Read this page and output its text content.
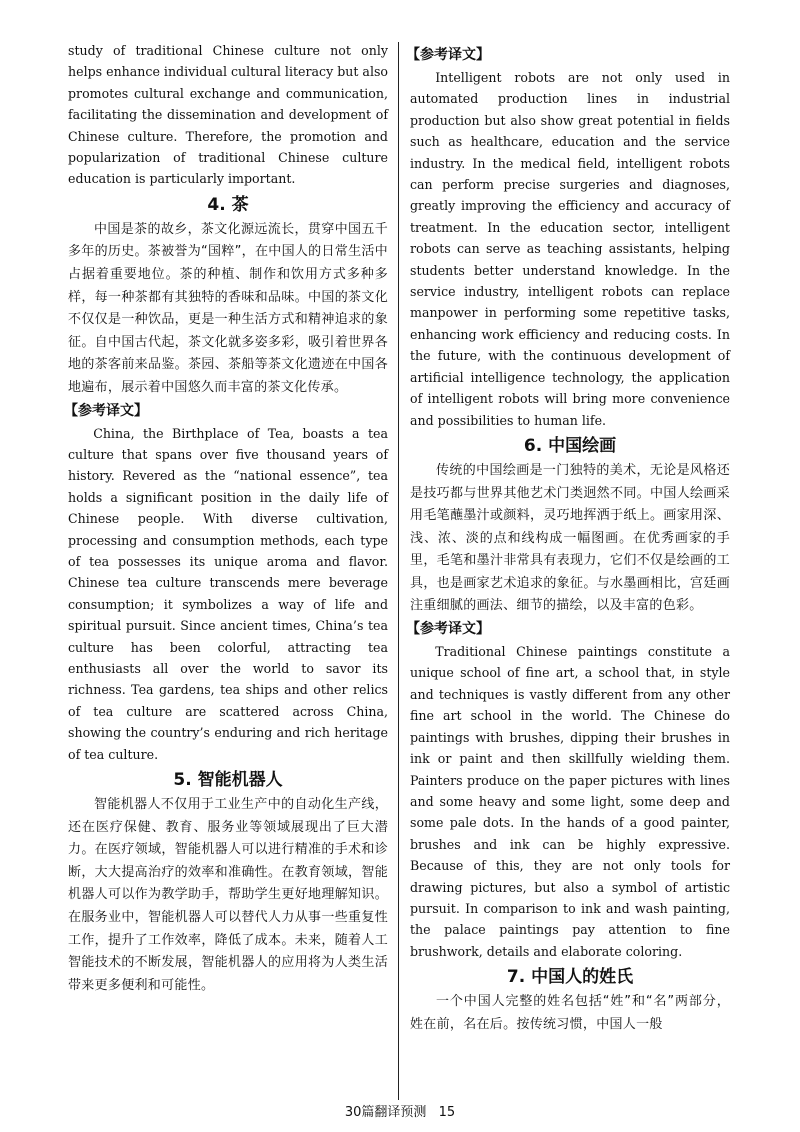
study of traditional Chinese culture not only helps enhance individual cultural literacy but also promotes cultural exchange and communication, facilitating the dissemination and development of Chinese culture. Therefore, the promotion and popularization of traditional Chinese culture education is particularly important.

4. 茶

中国是茶的故乡，茶文化源远流长，贯穿中国五千多年的历史。茶被誉为“国粹”，在中国人的日常生活中占据着重要地位。茶的种植、制作和饮用方式多种多样，每一种茶都有其独特的香味和品味。中国的茶文化不仅仅是一种饮品，更是一种生活方式和精神追求的象征。自中国古代起，茶文化就多姿多彩，吸引着世界各地的茶客前来品鉴。茶园、茶船等茶文化遗迹在中国各地遍布，展示着中国悠久而丰富的茶文化传承。

【参考译文】

China, the Birthplace of Tea, boasts a tea culture that spans over five thousand years of history. Revered as the “national essence”, tea holds a significant position in the daily life of Chinese people. With diverse cultivation, processing and consumption methods, each type of tea possesses its unique aroma and flavor. Chinese tea culture transcends mere beverage consumption; it symbolizes a way of life and spiritual pursuit. Since ancient times, China’s tea culture has been colorful, attracting tea enthusiasts all over the world to savor its richness. Tea gardens, tea ships and other relics of tea culture are scattered across China, showing the country’s enduring and rich heritage of tea culture.

5. 智能机器人

智能机器人不仅用于工业生产中的自动化生产线，还在医疗保健、教育、服务业等领域展现出了巨大潜力。在医疗领域，智能机器人可以进行精准的手术和诊断，大大提高治疗的效率和准确性。在教育领域，智能机器人可以作为教学助手，帮助学生更好地理解知识。在服务业中，智能机器人可以替代人力从事一些重复性工作，提升了工作效率，降低了成本。未来，随着人工智能技术的不断发展，智能机器人的应用将为人类生活带来更多便利和可能性。

【参考译文】

Intelligent robots are not only used in automated production lines in industrial production but also show great potential in fields such as healthcare, education and the service industry. In the medical field, intelligent robots can perform precise surgeries and diagnoses, greatly improving the efficiency and accuracy of treatment. In the education sector, intelligent robots can serve as teaching assistants, helping students better understand knowledge. In the service industry, intelligent robots can replace manpower in performing some repetitive tasks, enhancing work efficiency and reducing costs. In the future, with the continuous development of artificial intelligence technology, the application of intelligent robots will bring more convenience and possibilities to human life.

6. 中国绘画

传统的中国绘画是一门独特的美术，无论是风格还是技巧都与世界其他艺术门类迥然不同。中国人绘画采用毛笔蘸墨汁或颜料，灵巧地挥洒于纸上。画家用深、浅、浓、淡的点和线构成一幅图画。在优秀画家的手里，毛笔和墨汁非常具有表现力，它们不仅是绘画的工具，也是画家艺术追求的象征。与水墨画相比，宫廷画注重细腻的画法、细节的描绘，以及丰富的色彩。

【参考译文】

Traditional Chinese paintings constitute a unique school of fine art, a school that, in style and techniques is vastly different from any other fine art school in the world. The Chinese do paintings with brushes, dipping their brushes in ink or paint and then skillfully wielding them. Painters produce on the paper pictures with lines and some heavy and some light, some deep and some pale dots. In the hands of a good painter, brushes and ink can be highly expressive. Because of this, they are not only tools for drawing pictures, but also a symbol of artistic pursuit. In comparison to ink and wash painting, the palace paintings pay attention to fine brushwork, details and elaborate coloring.

7. 中国人的姓氏

一个中国人完整的姓名包括“姓”和“名”两部分，姓在前，名在后。按传统习惯，中国人一般

30篇翻译预测 15
